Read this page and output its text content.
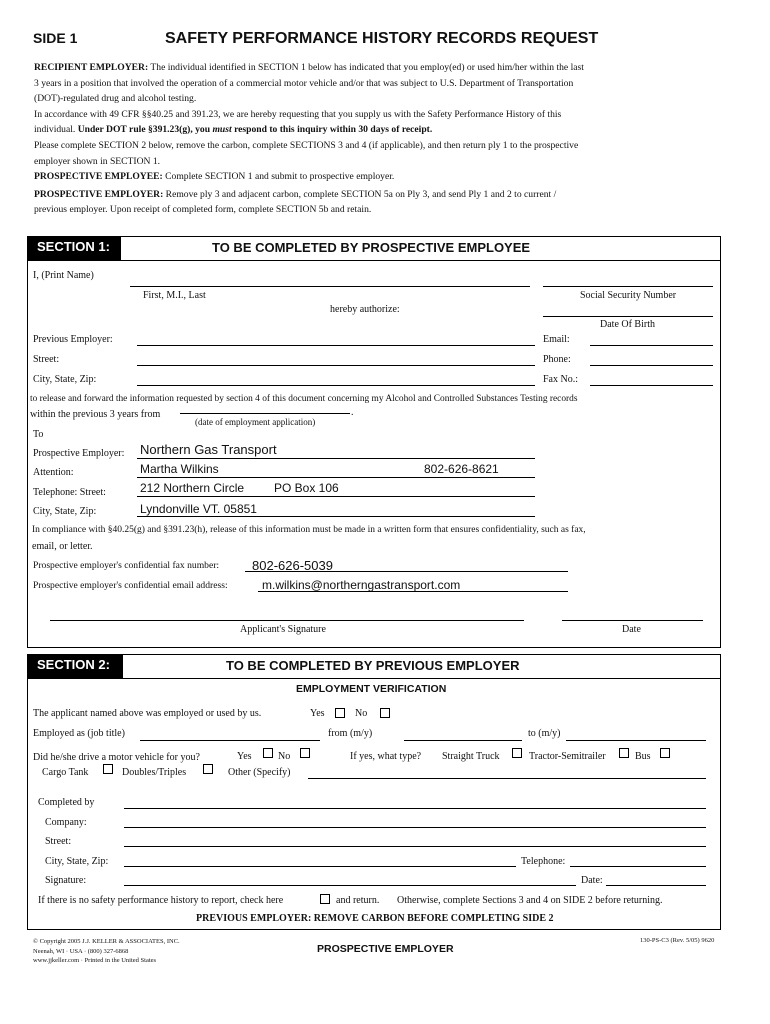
SIDE 1	SAFETY PERFORMANCE HISTORY RECORDS REQUEST

RECIPIENT EMPLOYER: The individual identified in SECTION 1 below has indicated that you employ(ed) or used him/her within the last

3 years in a position that involved the operation of a commercial motor vehicle and/or that was subject to U.S. Department of Transportation

(DOT)-regulated drug and alcohol testing.

In accordance with 49 CFR §§40.25 and 391.23, we are hereby requesting that you supply us with the Safety Performance History of this

individual. Under DOT rule §391.23(g), you must respond to this inquiry within 30 days of receipt.

Please complete SECTION 2 below, remove the carbon, complete SECTIONS 3 and 4 (if applicable), and then return ply 1 to the prospective

employer shown in SECTION 1.

PROSPECTIVE EMPLOYEE: Complete SECTION 1 and submit to prospective employer.

PROSPECTIVE EMPLOYER: Remove ply 3 and adjacent carbon, complete SECTION 5a on Ply 3, and send Ply 1 and 2 to current /

previous employer. Upon receipt of completed form, complete SECTION 5b and retain.

SECTION 1:	TO BE COMPLETED BY PROSPECTIVE EMPLOYEE
I, (Print Name)
First, M.I., Last	Social Security Number
hereby authorize:
Date Of Birth
Previous Employer:	Email:
Street:	Phone:
City, State, Zip:	Fax No.:
to release and forward the information requested by section 4 of this document concerning my Alcohol and Controlled Substances Testing records
within the previous 3 years from	.
(date of employment application)
To
Prospective Employer: Northern Gas Transport
Attention:	Martha Wilkins	802-626-8621
Telephone: Street:	212 Northern Circle PO Box 106
City, State, Zip:	Lyndonville VT. 05851
In compliance with §40.25(g) and §391.23(h), release of this information must be made in a written form that ensures confidentiality, such as fax,
email, or letter.
Prospective employer's confidential fax number:	802-626-5039
Prospective employer's confidential email address:	m.wilkins@northerngastransport.com
Applicant's Signature	Date
SECTION 2:	TO BE COMPLETED BY PREVIOUS EMPLOYER
EMPLOYMENT VERIFICATION
The applicant named above was employed or used by us.	Yes	No
Employed as (job title)	from (m/y)	to (m/y)
Did he/she drive a motor vehicle for you?	Yes	No	If yes, what type? Straight Truck	Tractor-Semitrailer	Bus
Cargo Tank	Doubles/Triples	Other (Specify)
Completed by
Company:
Street:
City, State, Zip:	Telephone:
Signature:	Date:
If there is no safety performance history to report, check here	and return. Otherwise, complete Sections 3 and 4 on SIDE 2 before returning.
PREVIOUS EMPLOYER: REMOVE CARBON BEFORE COMPLETING SIDE 2
© Copyright 2005 J.J. KELLER & ASSOCIATES, INC.
Neenah, WI · USA · (800) 327-6868
www.jjkeller.com · Printed in the United States
PROSPECTIVE EMPLOYER
130-PS-C3 (Rev. 5/05) 9620
